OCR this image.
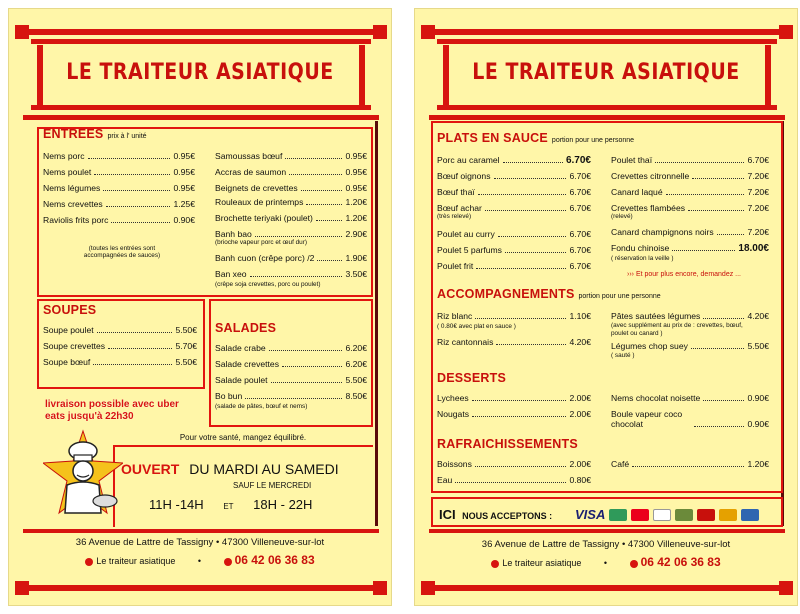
LE TRAITEUR ASIATIQUE
ENTREES prix à l' unité
Nems porc	0.95€
Nems poulet	0.95€
Nems légumes	0.95€
Nems crevettes	1.25€
Raviolis frits porc	0.90€
(toutes les entrées sont accompagnées de sauces)
Samoussas bœuf	0.95€
Accras de saumon	0.95€
Beignets de crevettes	0.95€
Rouleaux de printemps	1.20€
Brochette teriyaki (poulet)	1.20€
Banh bao	2.90€
(brioche vapeur porc et œuf dur)
Banh cuon (crêpe porc) /2	1.90€
Ban xeo	3.50€
(crêpe soja crevettes, porc ou poulet)
SOUPES
Soupe poulet	5.50€
Soupe crevettes	5.70€
Soupe bœuf	5.50€
SALADES
Salade crabe	6.20€
Salade crevettes	6.20€
Salade poulet	5.50€
Bo bun	8.50€
(salade de pâtes, bœuf et nems)
livraison possible avec uber eats jusqu'à 22h30
Pour votre santé, mangez équilibré.
OUVERT DU MARDI AU SAMEDI
SAUF LE MERCREDI
11H -14H ET 18H - 22H
36 Avenue de Lattre de Tassigny • 47300 Villeneuve-sur-lot
Le traiteur asiatique	•	06 42 06 36 83
LE TRAITEUR ASIATIQUE
PLATS EN SAUCE portion pour une personne
Porc au caramel	6.70€
Bœuf oignons	6.70€
Bœuf thaï	6.70€
Bœuf achar	6.70€
(très relevé)
Poulet au curry	6.70€
Poulet 5 parfums	6.70€
Poulet frit	6.70€
Poulet thaï	6.70€
Crevettes citronnelle	7.20€
Canard laqué	7.20€
Crevettes flambées	7.20€
(relevé)
Canard champignons noirs	7.20€
Fondu chinoise	18.00€
( réservation la veille )
››› Et pour plus encore, demandez ...
ACCOMPAGNEMENTS portion pour une personne
Riz blanc	1.10€
( 0.80€ avec plat en sauce )
Riz cantonnais	4.20€
Pâtes sautées légumes	4.20€
(avec supplément au prix de : crevettes, bœuf, poulet ou canard )
Légumes chop suey	5.50€
( sauté )
DESSERTS
Lychees	2.00€
Nougats	2.00€
Nems chocolat noisette	0.90€
Boule vapeur coco chocolat	0.90€
RAFRAICHISSEMENTS
Boissons	2.00€
Eau	0.80€
Café	1.20€
ICI NOUS ACCEPTONS : VISA
36 Avenue de Lattre de Tassigny • 47300 Villeneuve-sur-lot
Le traiteur asiatique	•	06 42 06 36 83
